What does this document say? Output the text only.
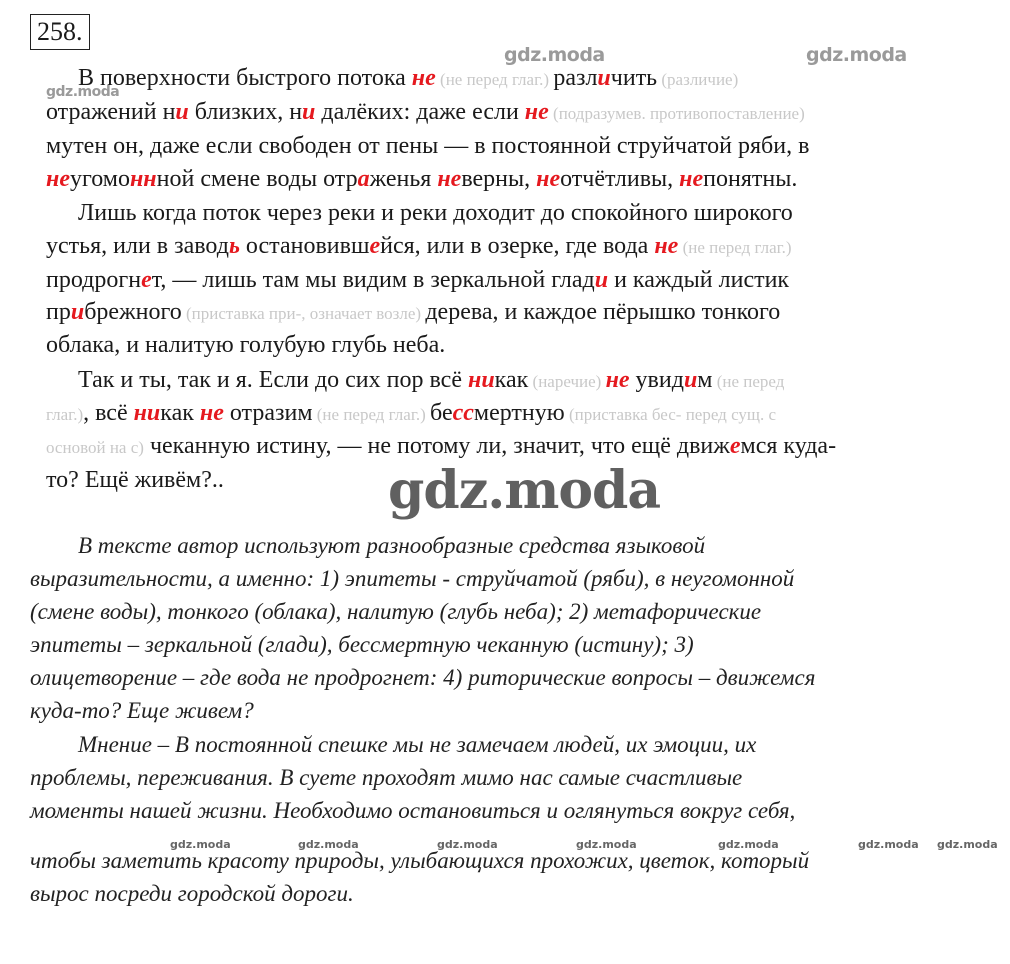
258.
gdz.moda	gdz.moda
gdz.moda
В поверхности быстрого потока не (не перед глаг.) различить (различие)
отражений ни близких, ни далёких: даже если не (подразумев. противопоставление)
мутен он, даже если свободен от пены — в постоянной струйчатой ряби, в
неугомоннной смене воды отраженья неверны, неотчётливы, непонятны.
Лишь когда поток через реки и реки доходит до спокойного широкого
устья, или в заводь остановившейся, или в озерке, где вода не (не перед глаг.)
продрогнет, — лишь там мы видим в зеркальной глади и каждый листик
прибрежного (приставка при-, означает возле) дерева, и каждое пёрышко тонкого
облака, и налитую голубую глубь неба.
Так и ты, так и я. Если до сих пор всё никак (наречие) не увидим (не перед
глаг.), всё никак не отразим (не перед глаг.) бессмертную (приставка бес- перед сущ. с
основой на с) чеканную истину, — не потому ли, значит, что ещё движемся куда-
то? Ещё живём?..	gdz.moda
В тексте автор используют разнообразные средства языковой
выразительности, а именно: 1) эпитеты - струйчатой (ряби), в неугомонной
(смене воды), тонкого (облака), налитую (глубь неба); 2) метафорические
эпитеты – зеркальной (глади), бессмертную чеканную (истину); 3)
олицетворение – где вода не продрогнет: 4) риторические вопросы – движемся
куда-то? Еще живем?
Мнение – В постоянной спешке мы не замечаем людей, их эмоции, их
проблемы, переживания. В суете проходят мимо нас самые счастливые
моменты нашей жизни. Необходимо остановиться и оглянуться вокруг себя,
чтобы заметить красоту природы, улыбающихся прохожих, цветок, который
вырос посреди городской дороги.
gdz.moda	gdz.moda	gdz.moda	gdz.moda	gdz.moda	gdz.moda gdz.moda
